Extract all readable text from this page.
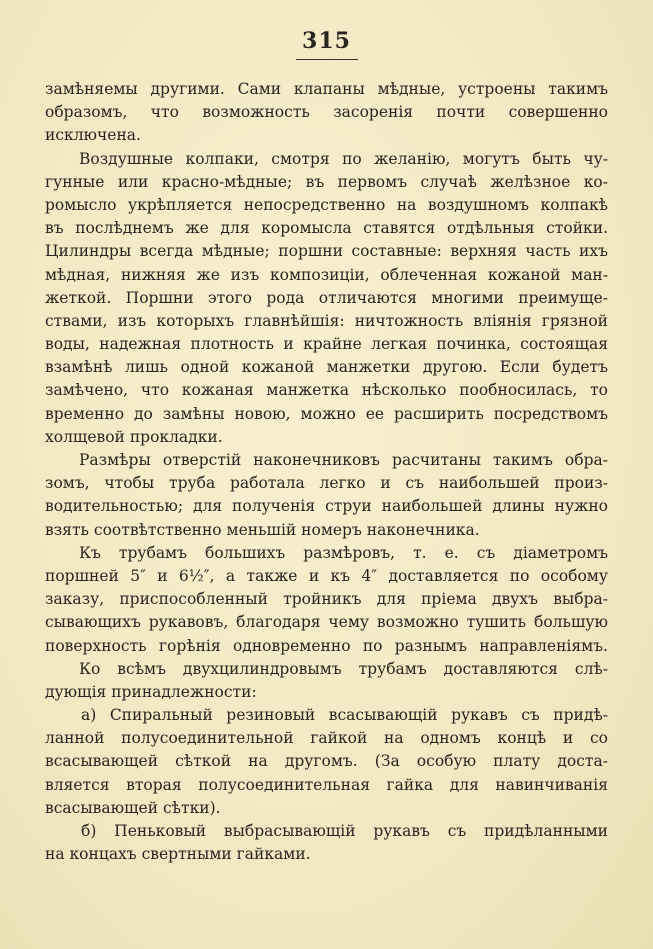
315
замѣняемы другими. Сами клапаны мѣдные, устроены такимъ
образомъ, что возможность засоренія почти совершенно
исключена.
Воздушные колпаки, смотря по желанію, могутъ быть чу-
гунные или красно-мѣдные; въ первомъ случаѣ желѣзное ко-
ромысло укрѣпляется непосредственно на воздушномъ колпакѣ
въ послѣднемъ же для коромысла ставятся отдѣльныя стойки.
Цилиндры всегда мѣдные; поршни составные: верхняя часть ихъ
мѣдная, нижняя же изъ композиціи, облеченная кожаной ман-
жеткой. Поршни этого рода отличаются многими преимуще-
ствами, изъ которыхъ главнѣйшія: ничтожность вліянія грязной
воды, надежная плотность и крайне легкая починка, состоящая
взамѣнѣ лишь одной кожаной манжетки другою. Если будетъ
замѣчено, что кожаная манжетка нѣсколько пообносилась, то
временно до замѣны новою, можно ее расширить посредствомъ
холщевой прокладки.
Размѣры отверстій наконечниковъ расчитаны такимъ обра-
зомъ, чтобы труба работала легко и съ наибольшей произ-
водительностью; для полученія струи наибольшей длины нужно
взять соотвѣтственно меньшій номеръ наконечника.
Къ трубамъ большихъ размѣровъ, т. е. съ діаметромъ
поршней 5″ и 6½″, а также и къ 4″ доставляется по особому
заказу, приспособленный тройникъ для пріема двухъ выбра-
сывающихъ рукавовъ, благодаря чему возможно тушить большую
поверхность горѣнія одновременно по разнымъ направленіямъ.
Ко всѣмъ двухцилиндровымъ трубамъ доставляются слѣ-
дующія принадлежности:
а) Спиральный резиновый всасывающій рукавъ съ придѣ-
ланной полусоединительной гайкой на одномъ концѣ и со
всасывающей сѣткой на другомъ. (За особую плату доста-
вляется вторая полусоединительная гайка для навинчиванія
всасывающей сѣтки).
б) Пеньковый выбрасывающій рукавъ съ придѣланными
на концахъ свертными гайками.
